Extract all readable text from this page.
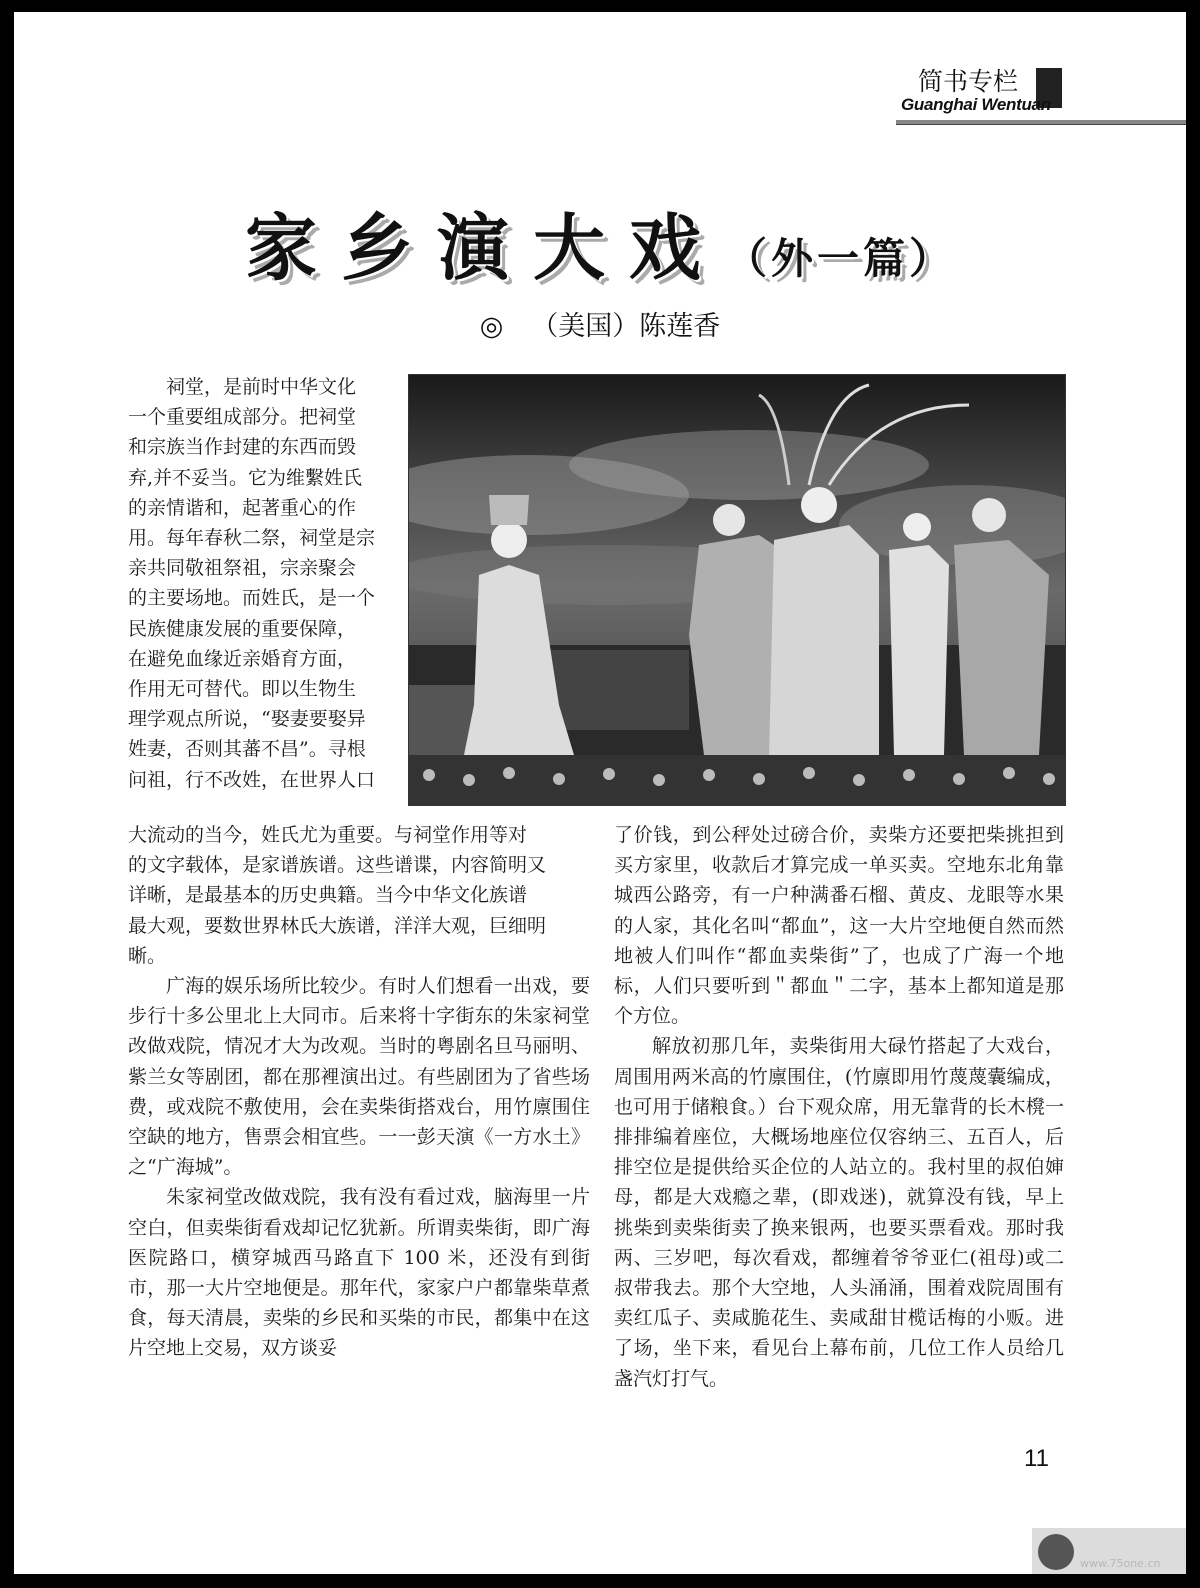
简书专栏
Guanghai Wentuan
家乡演大戏（外一篇）
◎ （美国）陈莲香

祠堂，是前时中华文化

一个重要组成部分。把祠堂

和宗族当作封建的东西而毁

弃,并不妥当。它为维繫姓氏

的亲情谐和，起著重心的作

用。每年春秋二祭，祠堂是宗

亲共同敬祖祭祖，宗亲聚会

的主要场地。而姓氏，是一个

民族健康发展的重要保障，

在避免血缘近亲婚育方面，

作用无可替代。即以生物生

理学观点所说，“娶妻要娶异

姓妻，否则其蕃不昌”。寻根

问祖，行不改姓，在世界人口

大流动的当今，姓氏尤为重要。与祠堂作用等对

的文字载体，是家谱族谱。这些谱谍，内容简明又

详晰，是最基本的历史典籍。当今中华文化族谱

最大观，要数世界林氏大族谱，洋洋大观，巨细明

晰。

广海的娱乐场所比较少。有时人们想看一出戏，要步行十多公里北上大同市。后来将十字街东的朱家祠堂改做戏院，情况才大为改观。当时的粤剧名旦马丽明、紫兰女等剧团，都在那裡演出过。有些剧团为了省些场费，或戏院不敷使用，会在卖柴街搭戏台，用竹廪围住空缺的地方，售票会相宜些。一一彭天演《一方水土》之“广海城”。

朱家祠堂改做戏院，我有没有看过戏，脑海里一片空白，但卖柴街看戏却记忆犹新。所谓卖柴街，即广海医院路口，横穿城西马路直下 100 米，还没有到街市，那一大片空地便是。那年代，家家户户都靠柴草煮食，每天清晨，卖柴的乡民和买柴的市民，都集中在这片空地上交易，双方谈妥

了价钱，到公秤处过磅合价，卖柴方还要把柴挑担到买方家里，收款后才算完成一单买卖。空地东北角靠城西公路旁，有一户种满番石榴、黄皮、龙眼等水果的人家，其化名叫“都血”，这一大片空地便自然而然地被人们叫作“都血卖柴街”了，也成了广海一个地标，人们只要听到＂都血＂二字，基本上都知道是那个方位。

解放初那几年，卖柴街用大碌竹搭起了大戏台，周围用两米高的竹廪围住，(竹廪即用竹蔑蔑囊编成，也可用于储粮食。）台下观众席，用无靠背的长木櫈一排排编着座位，大概场地座位仅容纳三、五百人，后排空位是提供给买企位的人站立的。我村里的叔伯婶母，都是大戏瘾之辈，(即戏迷)，就算没有钱，早上挑柴到卖柴街卖了换来银两，也要买票看戏。那时我两、三岁吧，每次看戏，都缠着爷爷亚仁(祖母)或二叔带我去。那个大空地，人头涌涌，围着戏院周围有卖红瓜子、卖咸脆花生、卖咸甜甘榄话梅的小贩。进了场，坐下来，看见台上幕布前，几位工作人员给几盏汽灯打气。

11
www.75one.cn
